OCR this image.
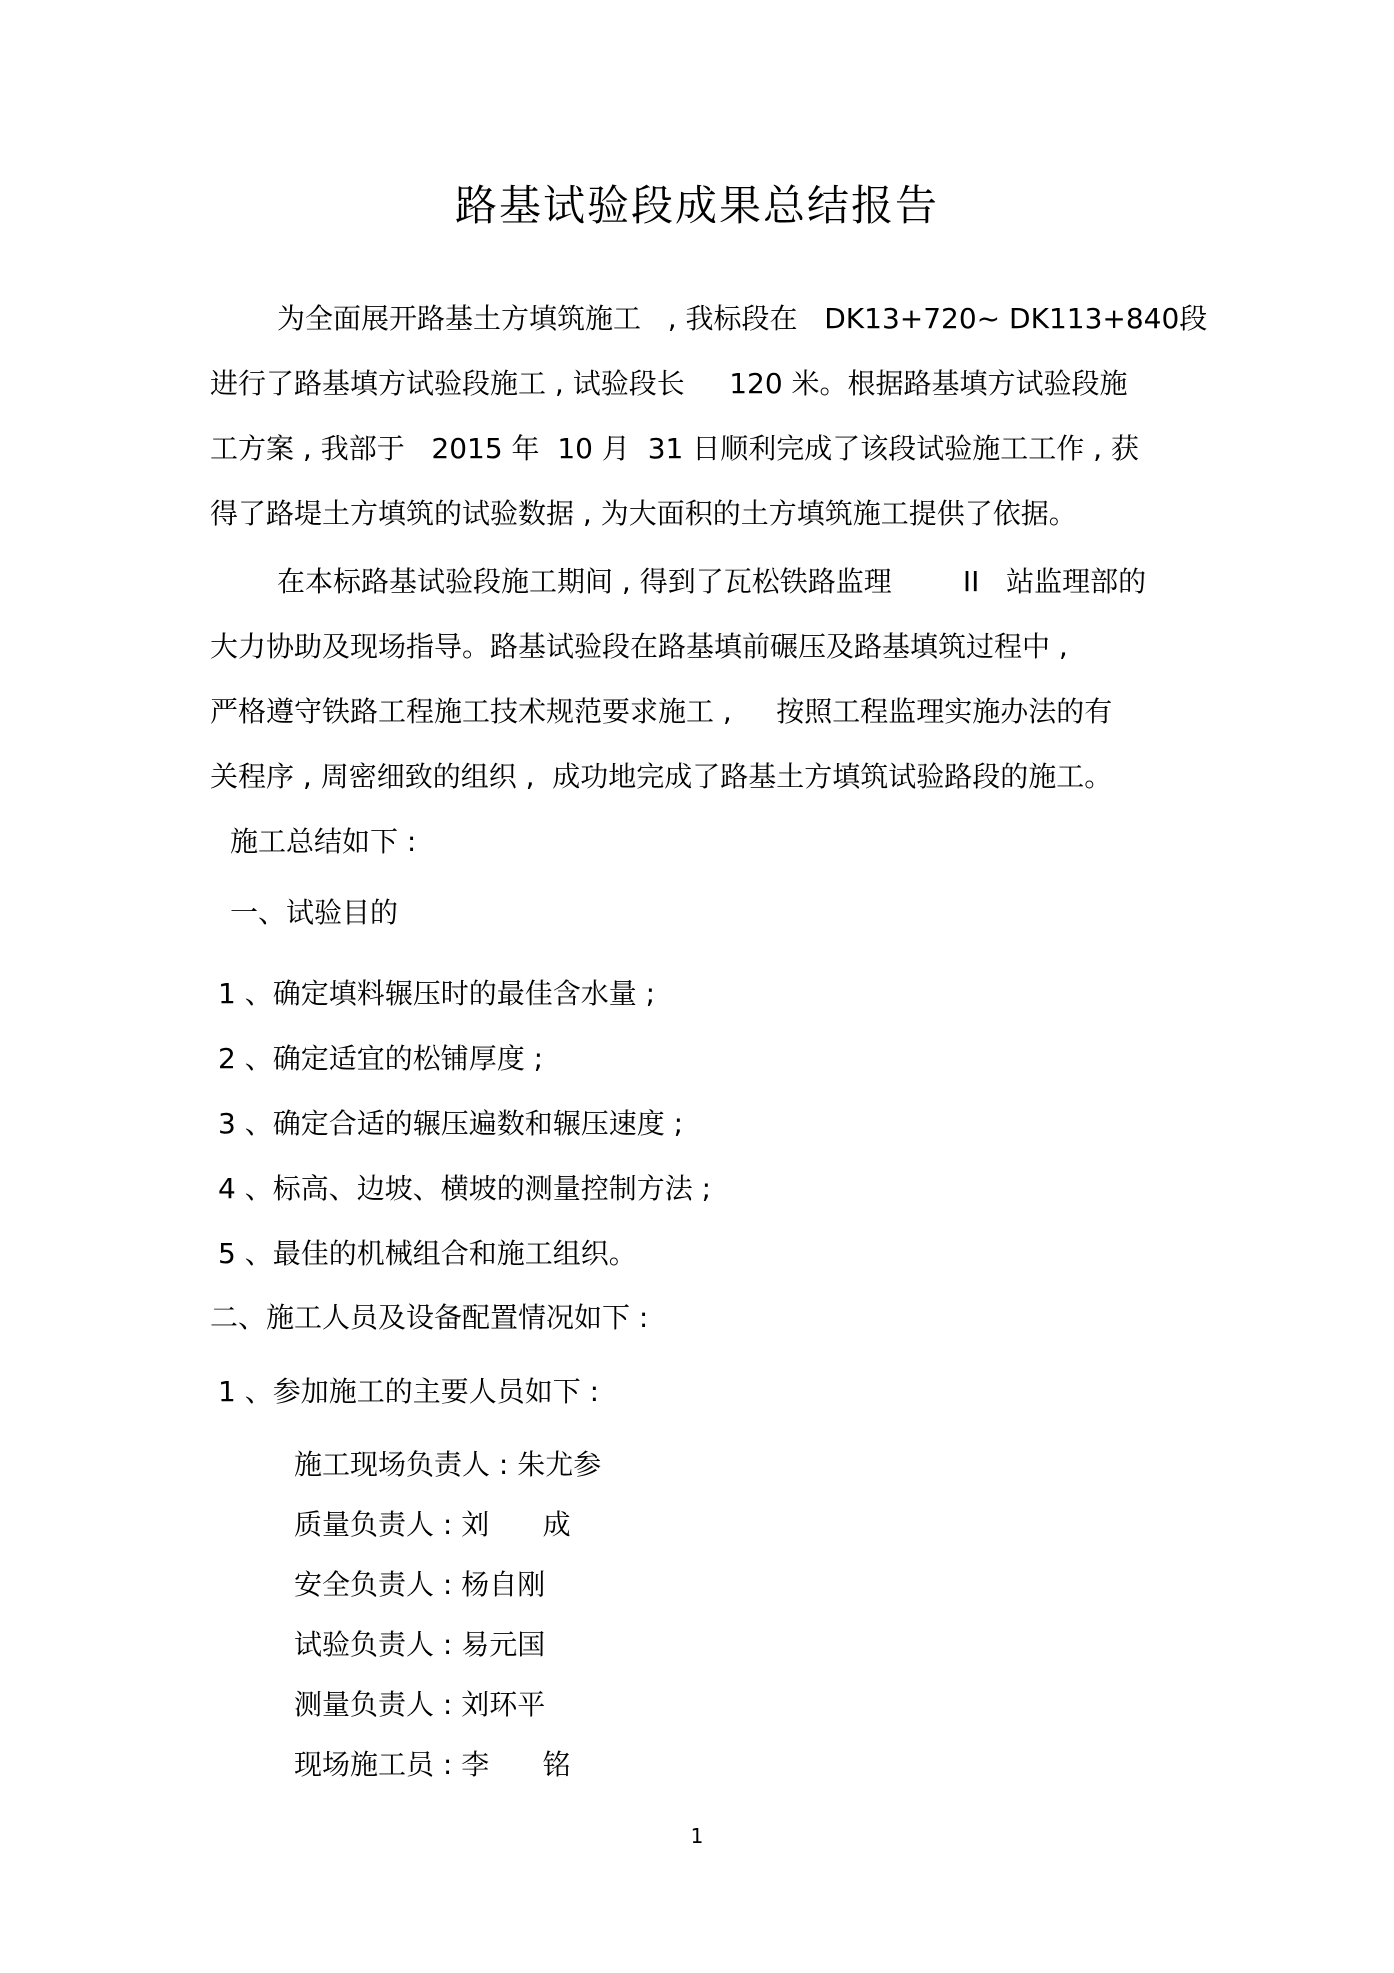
路基试验段成果总结报告
为全面展开路基土方填筑施工   , 我标段在   DK13+720~ DK113+840段
进行了路基填方试验段施工 , 试验段长     120 米。根据路基填方试验段施
工方案 , 我部于   2015 年  10 月  31 日顺利完成了该段试验施工工作 , 获
得了路堤土方填筑的试验数据 , 为大面积的土方填筑施工提供了依据。
在本标路基试验段施工期间 , 得到了瓦松铁路监理        II   站监理部的
大力协助及现场指导。路基试验段在路基填前碾压及路基填筑过程中 ,
严格遵守铁路工程施工技术规范要求施工 ,     按照工程监理实施办法的有
关程序 , 周密细致的组织 ,  成功地完成了路基土方填筑试验路段的施工。
施工总结如下 :
一、试验目的
1 、确定填料辗压时的最佳含水量 ;
2 、确定适宜的松铺厚度 ;
3 、确定合适的辗压遍数和辗压速度 ;
4 、标高、边坡、横坡的测量控制方法 ;
5 、最佳的机械组合和施工组织。
二、施工人员及设备配置情况如下 :
1 、参加施工的主要人员如下 :
施工现场负责人 : 朱尤参
质量负责人 : 刘      成
安全负责人 : 杨自刚
试验负责人 : 易元国
测量负责人 : 刘环平
现场施工员 : 李      铭
1
